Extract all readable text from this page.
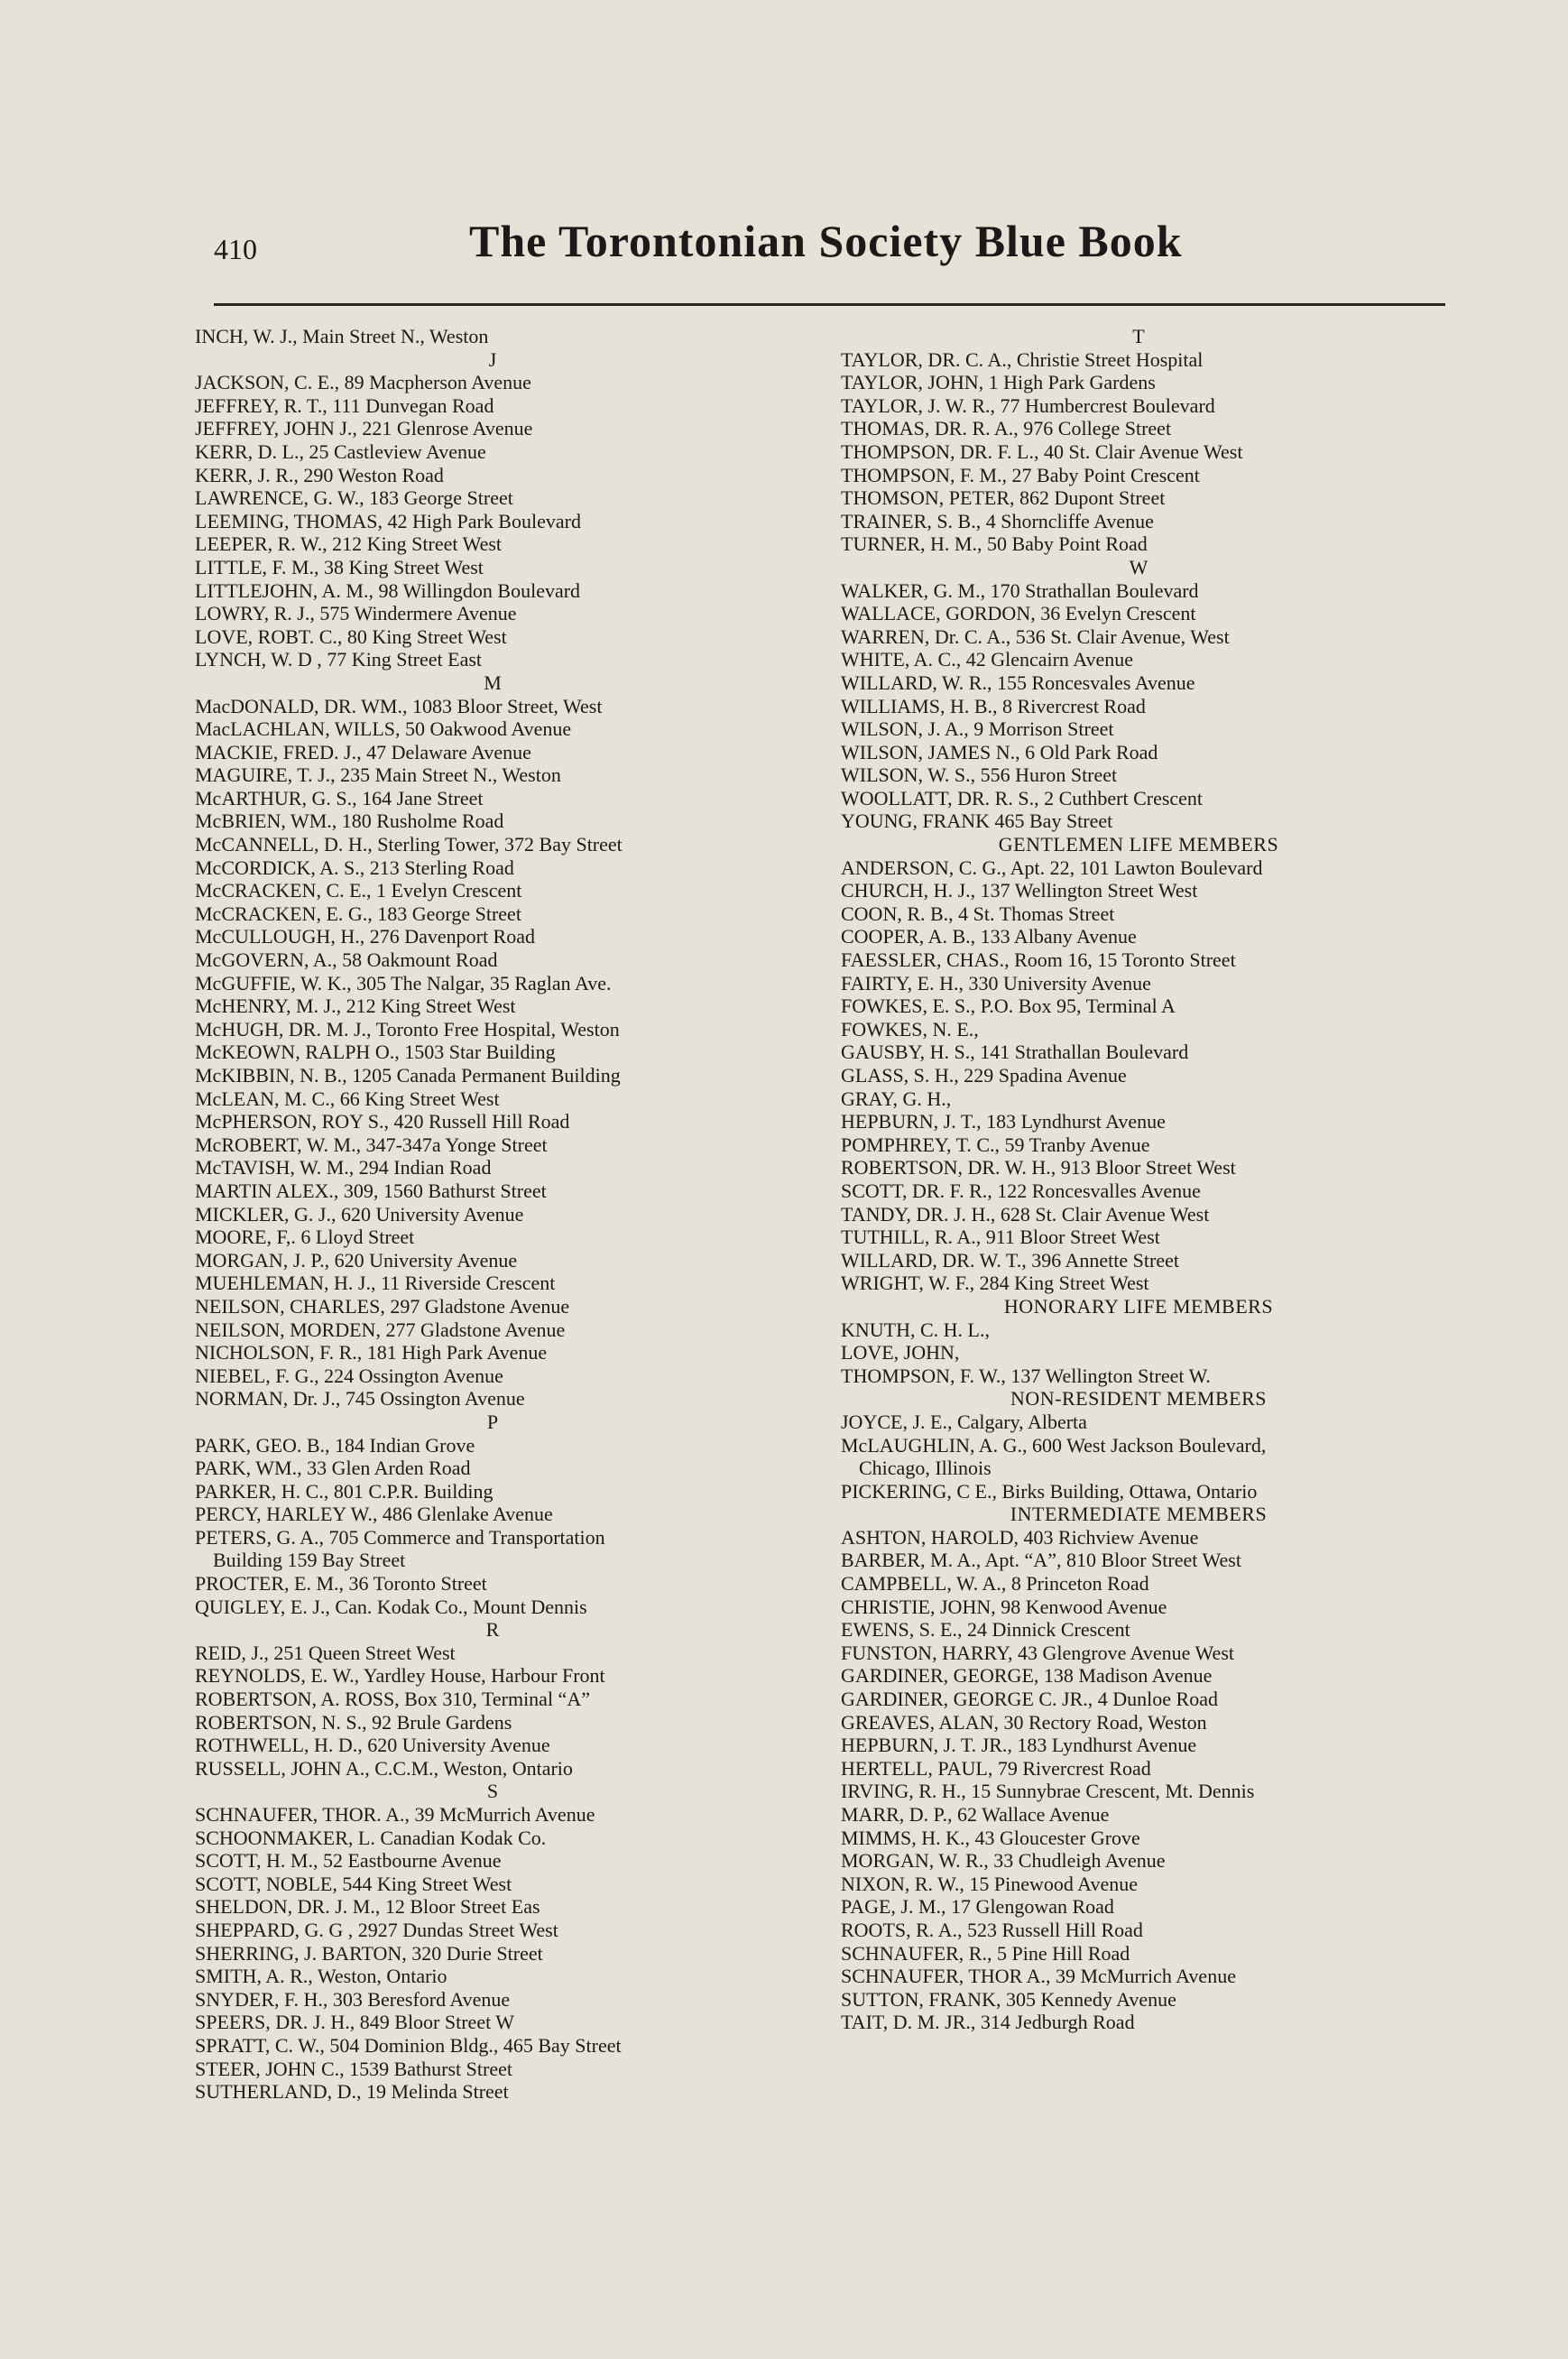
410	The Torontonian Society Blue Book
INCH, W. J., Main Street N., Weston
J
JACKSON, C. E., 89 Macpherson Avenue
JEFFREY, R. T., 111 Dunvegan Road
JEFFREY, JOHN J., 221 Glenrose Avenue
KERR, D. L., 25 Castleview Avenue
KERR, J. R., 290 Weston Road
LAWRENCE, G. W., 183 George Street
LEEMING, THOMAS, 42 High Park Boulevard
LEEPER, R. W., 212 King Street West
LITTLE, F. M., 38 King Street West
LITTLEJOHN, A. M., 98 Willingdon Boulevard
LOWRY, R. J., 575 Windermere Avenue
LOVE, ROBT. C., 80 King Street West
LYNCH, W. D , 77 King Street East
M
MacDONALD, DR. WM., 1083 Bloor Street, West
MacLACHLAN, WILLS, 50 Oakwood Avenue
MACKIE, FRED. J., 47 Delaware Avenue
MAGUIRE, T. J., 235 Main Street N., Weston
McARTHUR, G. S., 164 Jane Street
McBRIEN, WM., 180 Rusholme Road
McCANNELL, D. H., Sterling Tower, 372 Bay Street
McCORDICK, A. S., 213 Sterling Road
McCRACKEN, C. E., 1 Evelyn Crescent
McCRACKEN, E. G., 183 George Street
McCULLOUGH, H., 276 Davenport Road
McGOVERN, A., 58 Oakmount Road
McGUFFIE, W. K., 305 The Nalgar, 35 Raglan Ave.
McHENRY, M. J., 212 King Street West
McHUGH, DR. M. J., Toronto Free Hospital, Weston
McKEOWN, RALPH O., 1503 Star Building
McKIBBIN, N. B., 1205 Canada Permanent Building
McLEAN, M. C., 66 King Street West
McPHERSON, ROY S., 420 Russell Hill Road
McROBERT, W. M., 347-347a Yonge Street
McTAVISH, W. M., 294 Indian Road
MARTIN ALEX., 309, 1560 Bathurst Street
MICKLER, G. J., 620 University Avenue
MOORE, F,. 6 Lloyd Street
MORGAN, J. P., 620 University Avenue
MUEHLEMAN, H. J., 11 Riverside Crescent
NEILSON, CHARLES, 297 Gladstone Avenue
NEILSON, MORDEN, 277 Gladstone Avenue
NICHOLSON, F. R., 181 High Park Avenue
NIEBEL, F. G., 224 Ossington Avenue
NORMAN, Dr. J., 745 Ossington Avenue
P
PARK, GEO. B., 184 Indian Grove
PARK, WM., 33 Glen Arden Road
PARKER, H. C., 801 C.P.R. Building
PERCY, HARLEY W., 486 Glenlake Avenue
PETERS, G. A., 705 Commerce and Transportation
Building 159 Bay Street
PROCTER, E. M., 36 Toronto Street
QUIGLEY, E. J., Can. Kodak Co., Mount Dennis
R
REID, J., 251 Queen Street West
REYNOLDS, E. W., Yardley House, Harbour Front
ROBERTSON, A. ROSS, Box 310, Terminal “A”
ROBERTSON, N. S., 92 Brule Gardens
ROTHWELL, H. D., 620 University Avenue
RUSSELL, JOHN A., C.C.M., Weston, Ontario
S
SCHNAUFER, THOR. A., 39 McMurrich Avenue
SCHOONMAKER, L. Canadian Kodak Co.
SCOTT, H. M., 52 Eastbourne Avenue
SCOTT, NOBLE, 544 King Street West
SHELDON, DR. J. M., 12 Bloor Street Eas
SHEPPARD, G. G , 2927 Dundas Street West
SHERRING, J. BARTON, 320 Durie Street
SMITH, A. R., Weston, Ontario
SNYDER, F. H., 303 Beresford Avenue
SPEERS, DR. J. H., 849 Bloor Street W
SPRATT, C. W., 504 Dominion Bldg., 465 Bay Street
STEER, JOHN C., 1539 Bathurst Street
SUTHERLAND, D., 19 Melinda Street
T
TAYLOR, DR. C. A., Christie Street Hospital
TAYLOR, JOHN, 1 High Park Gardens
TAYLOR, J. W. R., 77 Humbercrest Boulevard
THOMAS, DR. R. A., 976 College Street
THOMPSON, DR. F. L., 40 St. Clair Avenue West
THOMPSON, F. M., 27 Baby Point Crescent
THOMSON, PETER, 862 Dupont Street
TRAINER, S. B., 4 Shorncliffe Avenue
TURNER, H. M., 50 Baby Point Road
W
WALKER, G. M., 170 Strathallan Boulevard
WALLACE, GORDON, 36 Evelyn Crescent
WARREN, Dr. C. A., 536 St. Clair Avenue, West
WHITE, A. C., 42 Glencairn Avenue
WILLARD, W. R., 155 Roncesvales Avenue
WILLIAMS, H. B., 8 Rivercrest Road
WILSON, J. A., 9 Morrison Street
WILSON, JAMES N., 6 Old Park Road
WILSON, W. S., 556 Huron Street
WOOLLATT, DR. R. S., 2 Cuthbert Crescent
YOUNG, FRANK 465 Bay Street
GENTLEMEN LIFE MEMBERS
ANDERSON, C. G., Apt. 22, 101 Lawton Boulevard
CHURCH, H. J., 137 Wellington Street West
COON, R. B., 4 St. Thomas Street
COOPER, A. B., 133 Albany Avenue
FAESSLER, CHAS., Room 16, 15 Toronto Street
FAIRTY, E. H., 330 University Avenue
FOWKES, E. S., P.O. Box 95, Terminal A
FOWKES, N. E.,
GAUSBY, H. S., 141 Strathallan Boulevard
GLASS, S. H., 229 Spadina Avenue
GRAY, G. H.,
HEPBURN, J. T., 183 Lyndhurst Avenue
POMPHREY, T. C., 59 Tranby Avenue
ROBERTSON, DR. W. H., 913 Bloor Street West
SCOTT, DR. F. R., 122 Roncesvalles Avenue
TANDY, DR. J. H., 628 St. Clair Avenue West
TUTHILL, R. A., 911 Bloor Street West
WILLARD, DR. W. T., 396 Annette Street
WRIGHT, W. F., 284 King Street West
HONORARY LIFE MEMBERS
KNUTH, C. H. L.,
LOVE, JOHN,
THOMPSON, F. W., 137 Wellington Street W.
NON-RESIDENT MEMBERS
JOYCE, J. E., Calgary, Alberta
McLAUGHLIN, A. G., 600 West Jackson Boulevard,
Chicago, Illinois
PICKERING, C E., Birks Building, Ottawa, Ontario
INTERMEDIATE MEMBERS
ASHTON, HAROLD, 403 Richview Avenue
BARBER, M. A., Apt. “A”, 810 Bloor Street West
CAMPBELL, W. A., 8 Princeton Road
CHRISTIE, JOHN, 98 Kenwood Avenue
EWENS, S. E., 24 Dinnick Crescent
FUNSTON, HARRY, 43 Glengrove Avenue West
GARDINER, GEORGE, 138 Madison Avenue
GARDINER, GEORGE C. JR., 4 Dunloe Road
GREAVES, ALAN, 30 Rectory Road, Weston
HEPBURN, J. T. JR., 183 Lyndhurst Avenue
HERTELL, PAUL, 79 Rivercrest Road
IRVING, R. H., 15 Sunnybrae Crescent, Mt. Dennis
MARR, D. P., 62 Wallace Avenue
MIMMS, H. K., 43 Gloucester Grove
MORGAN, W. R., 33 Chudleigh Avenue
NIXON, R. W., 15 Pinewood Avenue
PAGE, J. M., 17 Glengowan Road
ROOTS, R. A., 523 Russell Hill Road
SCHNAUFER, R., 5 Pine Hill Road
SCHNAUFER, THOR A., 39 McMurrich Avenue
SUTTON, FRANK, 305 Kennedy Avenue
TAIT, D. M. JR., 314 Jedburgh Road
